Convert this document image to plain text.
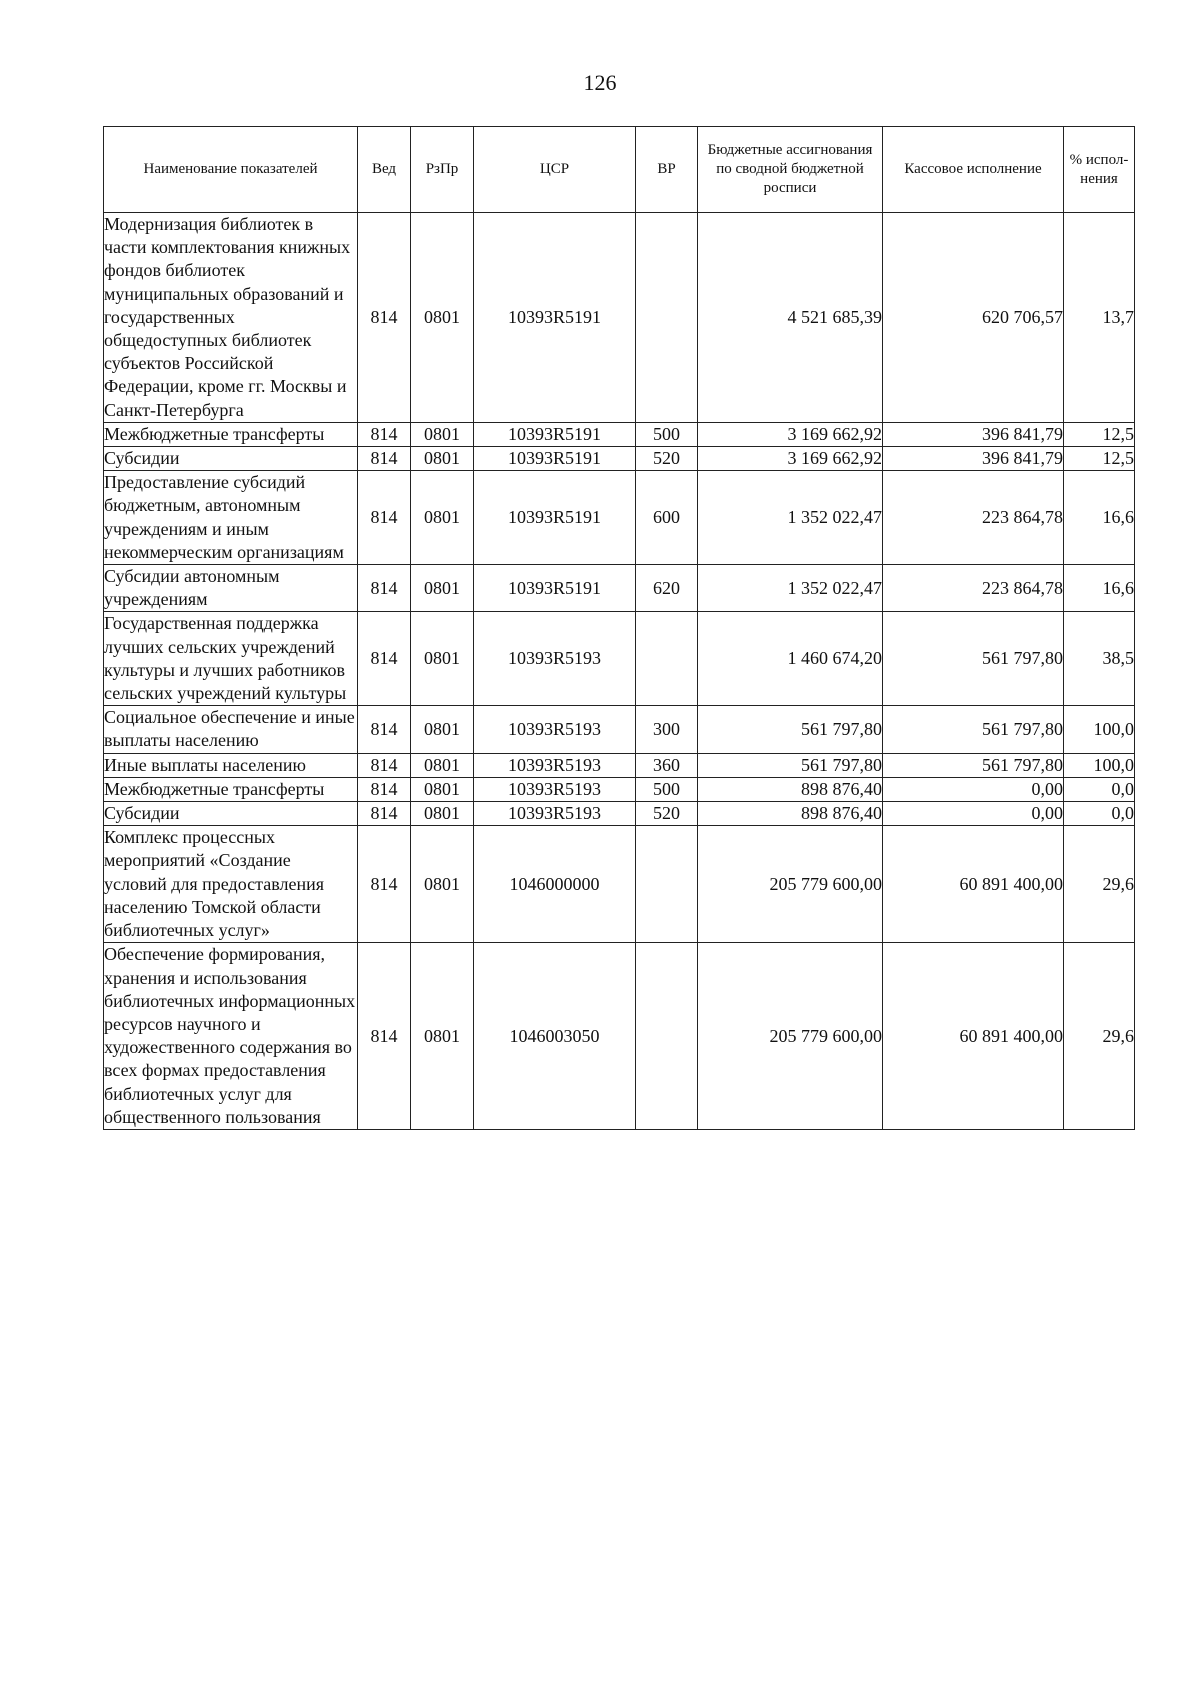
126
Наименование показателей	Вед	РзПр	ЦСР	ВР	Бюджетные ассигнования по сводной бюджетной росписи	Кассовое исполнение	% испол-нения
Модернизация библиотек в части комплектования книжных фондов библиотек муниципальных образований и государственных общедоступных библиотек субъектов Российской Федерации, кроме гг. Москвы и Санкт-Петербурга	814	0801	10393R5191		4 521 685,39	620 706,57	13,7
Межбюджетные трансферты	814	0801	10393R5191	500	3 169 662,92	396 841,79	12,5
Субсидии	814	0801	10393R5191	520	3 169 662,92	396 841,79	12,5
Предоставление субсидий бюджетным, автономным учреждениям и иным некоммерческим организациям	814	0801	10393R5191	600	1 352 022,47	223 864,78	16,6
Субсидии автономным учреждениям	814	0801	10393R5191	620	1 352 022,47	223 864,78	16,6
Государственная поддержка лучших сельских учреждений культуры и лучших работников сельских учреждений культуры	814	0801	10393R5193		1 460 674,20	561 797,80	38,5
Социальное обеспечение и иные выплаты населению	814	0801	10393R5193	300	561 797,80	561 797,80	100,0
Иные выплаты населению	814	0801	10393R5193	360	561 797,80	561 797,80	100,0
Межбюджетные трансферты	814	0801	10393R5193	500	898 876,40	0,00	0,0
Субсидии	814	0801	10393R5193	520	898 876,40	0,00	0,0
Комплекс процессных мероприятий «Создание условий для предоставления населению Томской области библиотечных услуг»	814	0801	1046000000		205 779 600,00	60 891 400,00	29,6
Обеспечение формирования, хранения и использования библиотечных информационных ресурсов научного и художественного содержания во всех формах предоставления библиотечных услуг для общественного пользования	814	0801	1046003050		205 779 600,00	60 891 400,00	29,6
